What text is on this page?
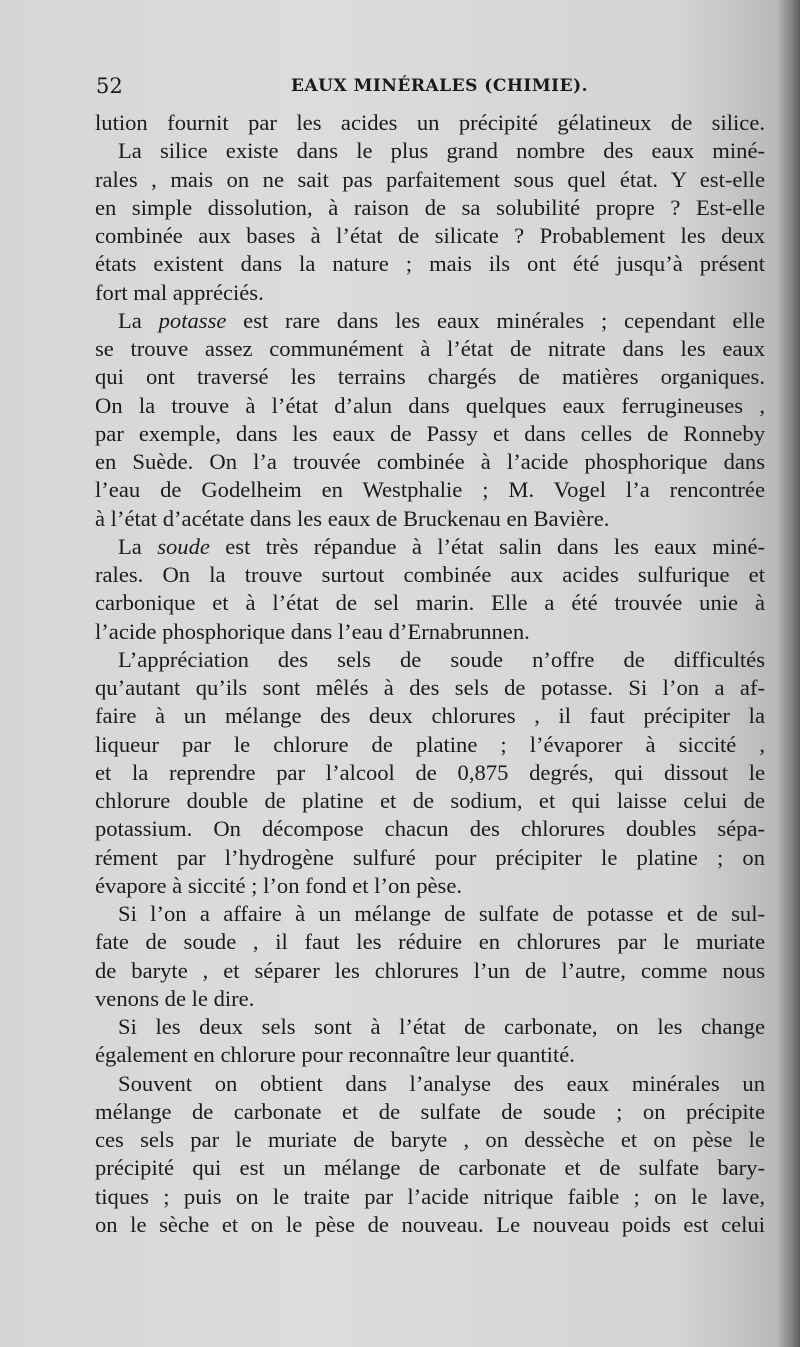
52	EAUX MINÉRALES (CHIMIE).
lution fournit par les acides un précipité gélatineux de silice.
La silice existe dans le plus grand nombre des eaux miné-
rales , mais on ne sait pas parfaitement sous quel état. Y est-elle
en simple dissolution, à raison de sa solubilité propre ? Est-elle
combinée aux bases à l’état de silicate ? Probablement les deux
états existent dans la nature ; mais ils ont été jusqu’à présent
fort mal appréciés.
La potasse est rare dans les eaux minérales ; cependant elle
se trouve assez communément à l’état de nitrate dans les eaux
qui ont traversé les terrains chargés de matières organiques.
On la trouve à l’état d’alun dans quelques eaux ferrugineuses ,
par exemple, dans les eaux de Passy et dans celles de Ronneby
en Suède. On l’a trouvée combinée à l’acide phosphorique dans
l’eau de Godelheim en Westphalie ; M. Vogel l’a rencontrée
à l’état d’acétate dans les eaux de Bruckenau en Bavière.
La soude est très répandue à l’état salin dans les eaux miné-
rales. On la trouve surtout combinée aux acides sulfurique et
carbonique et à l’état de sel marin. Elle a été trouvée unie à
l’acide phosphorique dans l’eau d’Ernabrunnen.
L’appréciation des sels de soude n’offre de difficultés
qu’autant qu’ils sont mêlés à des sels de potasse. Si l’on a af-
faire à un mélange des deux chlorures , il faut précipiter la
liqueur par le chlorure de platine ; l’évaporer à siccité ,
et la reprendre par l’alcool de 0,875 degrés, qui dissout le
chlorure double de platine et de sodium, et qui laisse celui de
potassium. On décompose chacun des chlorures doubles sépa-
rément par l’hydrogène sulfuré pour précipiter le platine ; on
évapore à siccité ; l’on fond et l’on pèse.
Si l’on a affaire à un mélange de sulfate de potasse et de sul-
fate de soude , il faut les réduire en chlorures par le muriate
de baryte , et séparer les chlorures l’un de l’autre, comme nous
venons de le dire.
Si les deux sels sont à l’état de carbonate, on les change
également en chlorure pour reconnaître leur quantité.
Souvent on obtient dans l’analyse des eaux minérales un
mélange de carbonate et de sulfate de soude ; on précipite
ces sels par le muriate de baryte , on dessèche et on pèse le
précipité qui est un mélange de carbonate et de sulfate bary-
tiques ; puis on le traite par l’acide nitrique faible ; on le lave,
on le sèche et on le pèse de nouveau. Le nouveau poids est celui
